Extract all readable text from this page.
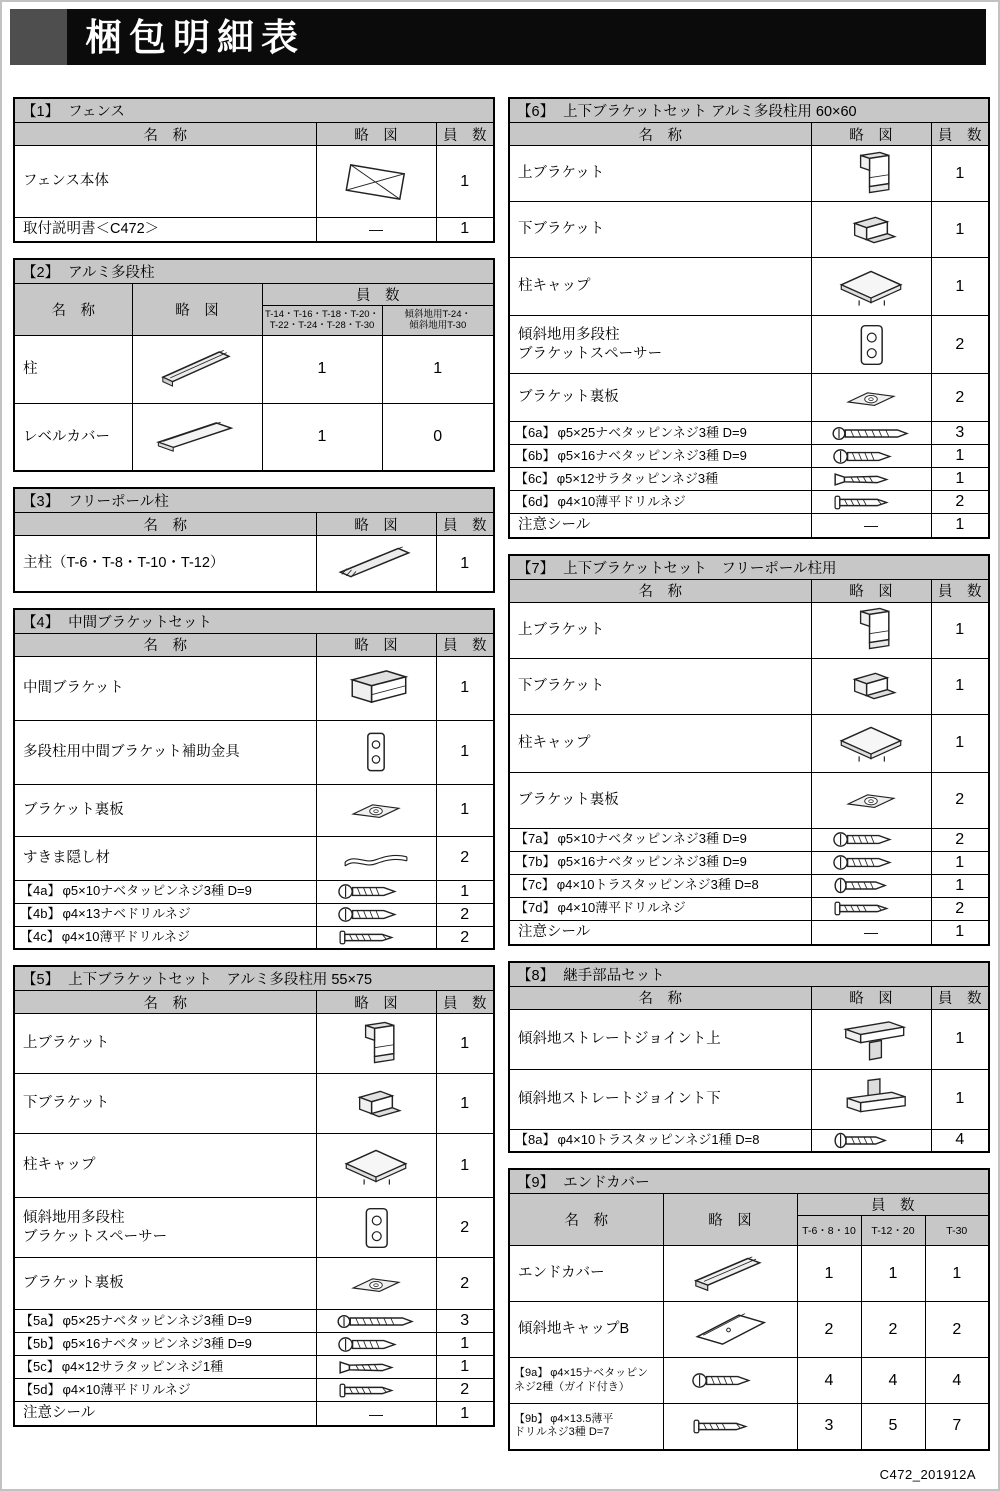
梱包明細表
【1】 フェンス		
名　称	略　図	員　数
フェンス本体		1
取付説明書＜C472＞	―	1
【2】 アルミ多段柱			
名　称	略　図	員　数	

T-14・T-16・T-18・T-20・
T-22・T-24・T-28・T-30

傾斜地用T-24・
傾斜地用T-30

柱		1	1
レベルカバー		1	0
【3】 フリーポール柱		
名　称	略　図	員　数
主柱（T-6・T-8・T-10・T-12）		1
【4】 中間ブラケットセット		
名　称	略　図	員　数
中間ブラケット		1
多段柱用中間ブラケット補助金具		1
ブラケット裏板		1
すきま隠し材		2
【4a】 φ5×10ナベタッピンネジ3種 D=9		1
【4b】 φ4×13ナベドリルネジ		2
【4c】 φ4×10薄平ドリルネジ		2
【5】 上下ブラケットセット　アルミ多段柱用 55×75		
名　称	略　図	員　数
上ブラケット		1
下ブラケット		1
柱キャップ		1

傾斜地用多段柱
ブラケットスペーサー		2
ブラケット裏板		2
【5a】 φ5×25ナベタッピンネジ3種 D=9		3
【5b】 φ5×16ナベタッピンネジ3種 D=9		1
【5c】 φ4×12サラタッピンネジ1種		1
【5d】 φ4×10薄平ドリルネジ		2
注意シール	―	1
【6】 上下ブラケットセット アルミ多段柱用 60×60		
名　称	略　図	員　数
上ブラケット		1
下ブラケット		1
柱キャップ		1

傾斜地用多段柱
ブラケットスペーサー		2
ブラケット裏板		2
【6a】 φ5×25ナベタッピンネジ3種 D=9		3
【6b】 φ5×16ナベタッピンネジ3種 D=9		1
【6c】 φ5×12サラタッピンネジ3種		1
【6d】 φ4×10薄平ドリルネジ		2
注意シール	―	1
【7】 上下ブラケットセット　フリーポール柱用		
名　称	略　図	員　数
上ブラケット		1
下ブラケット		1
柱キャップ		1
ブラケット裏板		2
【7a】 φ5×10ナベタッピンネジ3種 D=9		2
【7b】 φ5×16ナベタッピンネジ3種 D=9		1
【7c】 φ4×10トラスタッピンネジ3種 D=8		1
【7d】 φ4×10薄平ドリルネジ		2
注意シール	―	1
【8】 継手部品セット		
名　称	略　図	員　数
傾斜地ストレートジョイント上		1
傾斜地ストレートジョイント下		1
【8a】 φ4×10トラスタッピンネジ1種 D=8		4
【9】 エンドカバー				
名　称	略　図	員　数		
		T-6・8・10	T-12・20	T-30
エンドカバー		1	1	1
傾斜地キャップB		2	2	2

【9a】 φ4×15ナベタッピン
ネジ2種（ガイド付き）		4	4	4

【9b】 φ4×13.5薄平
ドリルネジ3種 D=7		3	5	7
C472_201912A
